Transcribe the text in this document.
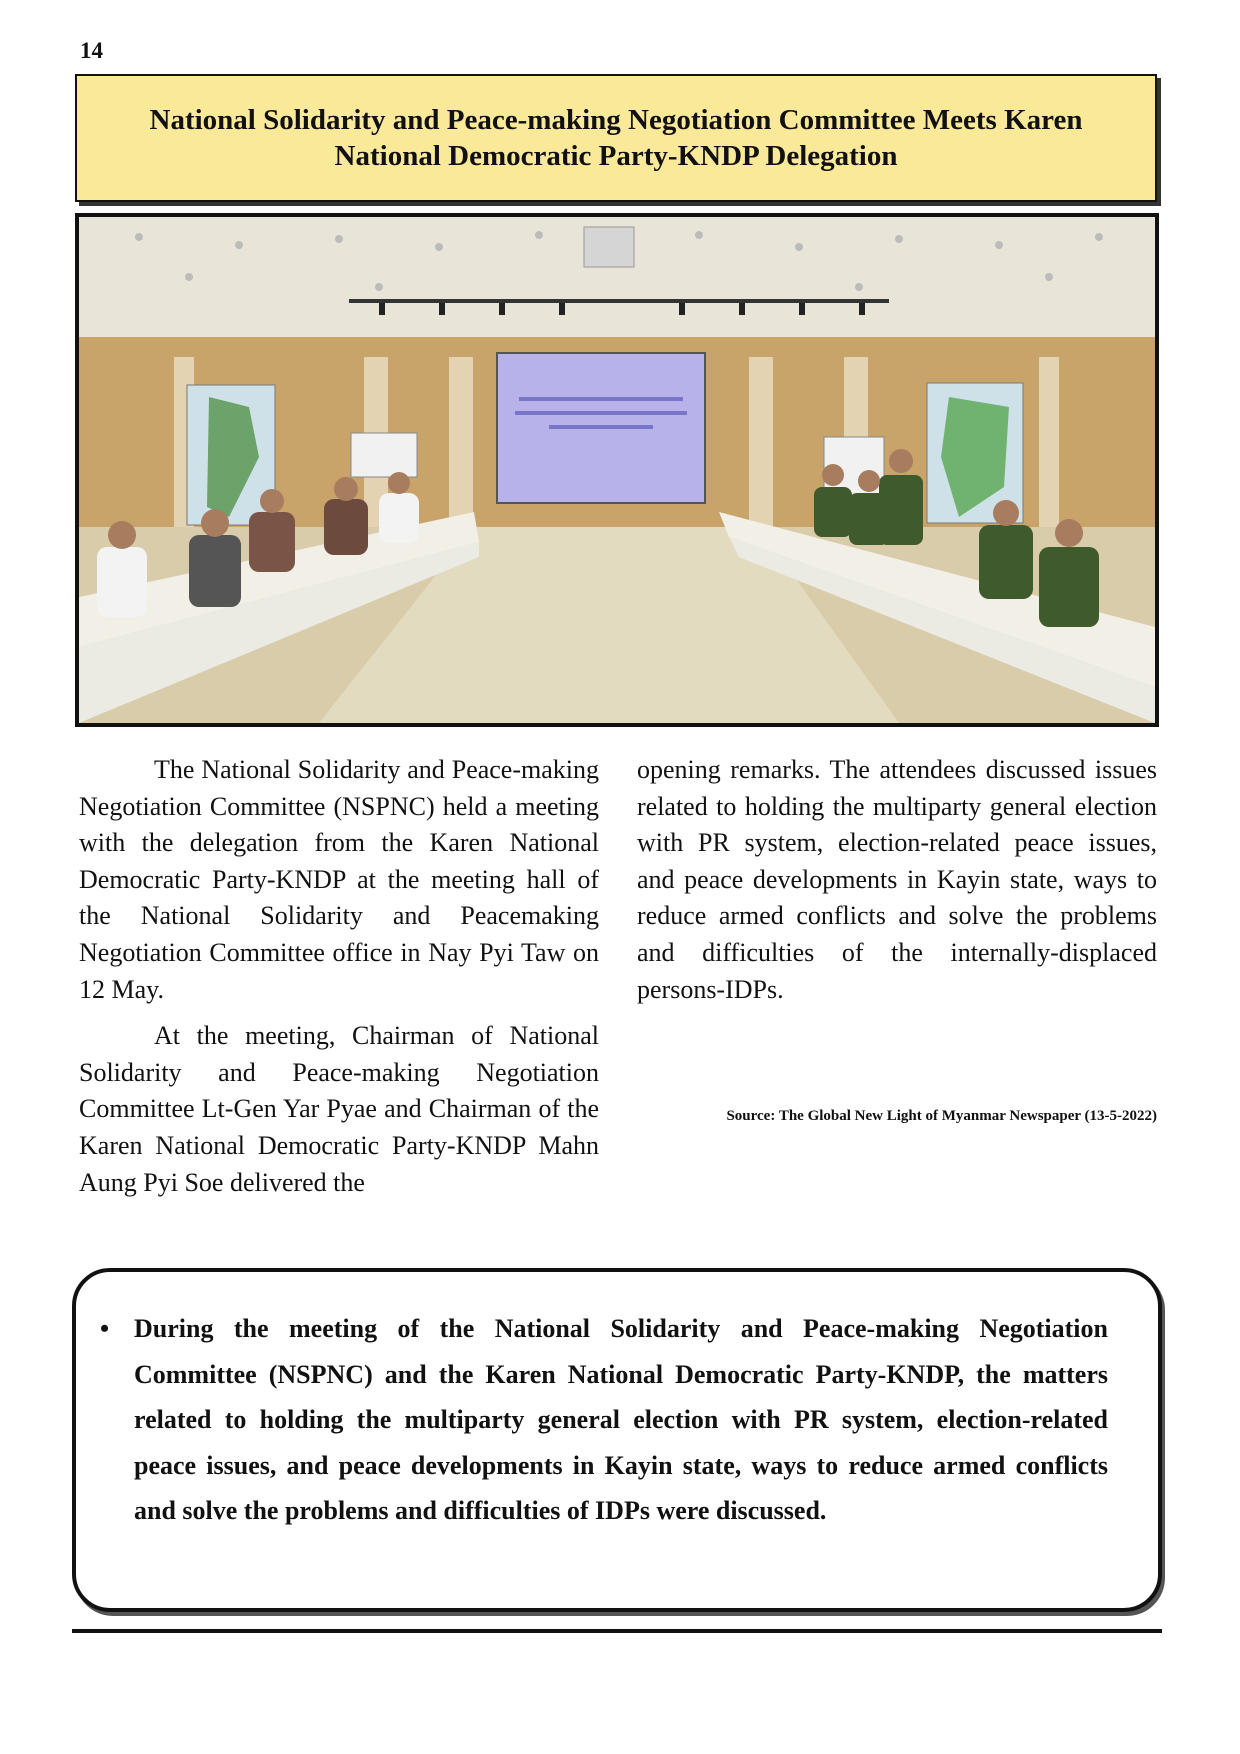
14
National Solidarity and Peace-making Negotiation Committee Meets Karen National Democratic Party-KNDP Delegation

The National Solidarity and Peace-making Negotiation Committee (NSPNC) held a meeting with the delegation from the Karen National Democratic Party-KNDP at the meeting hall of the National Solidarity and Peacemaking Negotiation Committee office in Nay Pyi Taw on 12 May.

At the meeting, Chairman of National Solidarity and Peace-making Negotiation Committee Lt-Gen Yar Pyae and Chairman of the Karen National Democratic Party-KNDP Mahn Aung Pyi Soe delivered the

opening remarks. The attendees discussed issues related to holding the multiparty general election with PR system, election-related peace issues, and peace developments in Kayin state, ways to reduce armed conflicts and solve the problems and difficulties of the internally-displaced persons-IDPs.

Source: The Global New Light of Myanmar Newspaper (13-5-2022)
• During the meeting of the National Solidarity and Peace-making Negotiation Committee (NSPNC) and the Karen National Democratic Party-KNDP, the matters related to holding the multiparty general election with PR system, election-related peace issues, and peace developments in Kayin state, ways to reduce armed conflicts and solve the problems and difficulties of IDPs were discussed.
